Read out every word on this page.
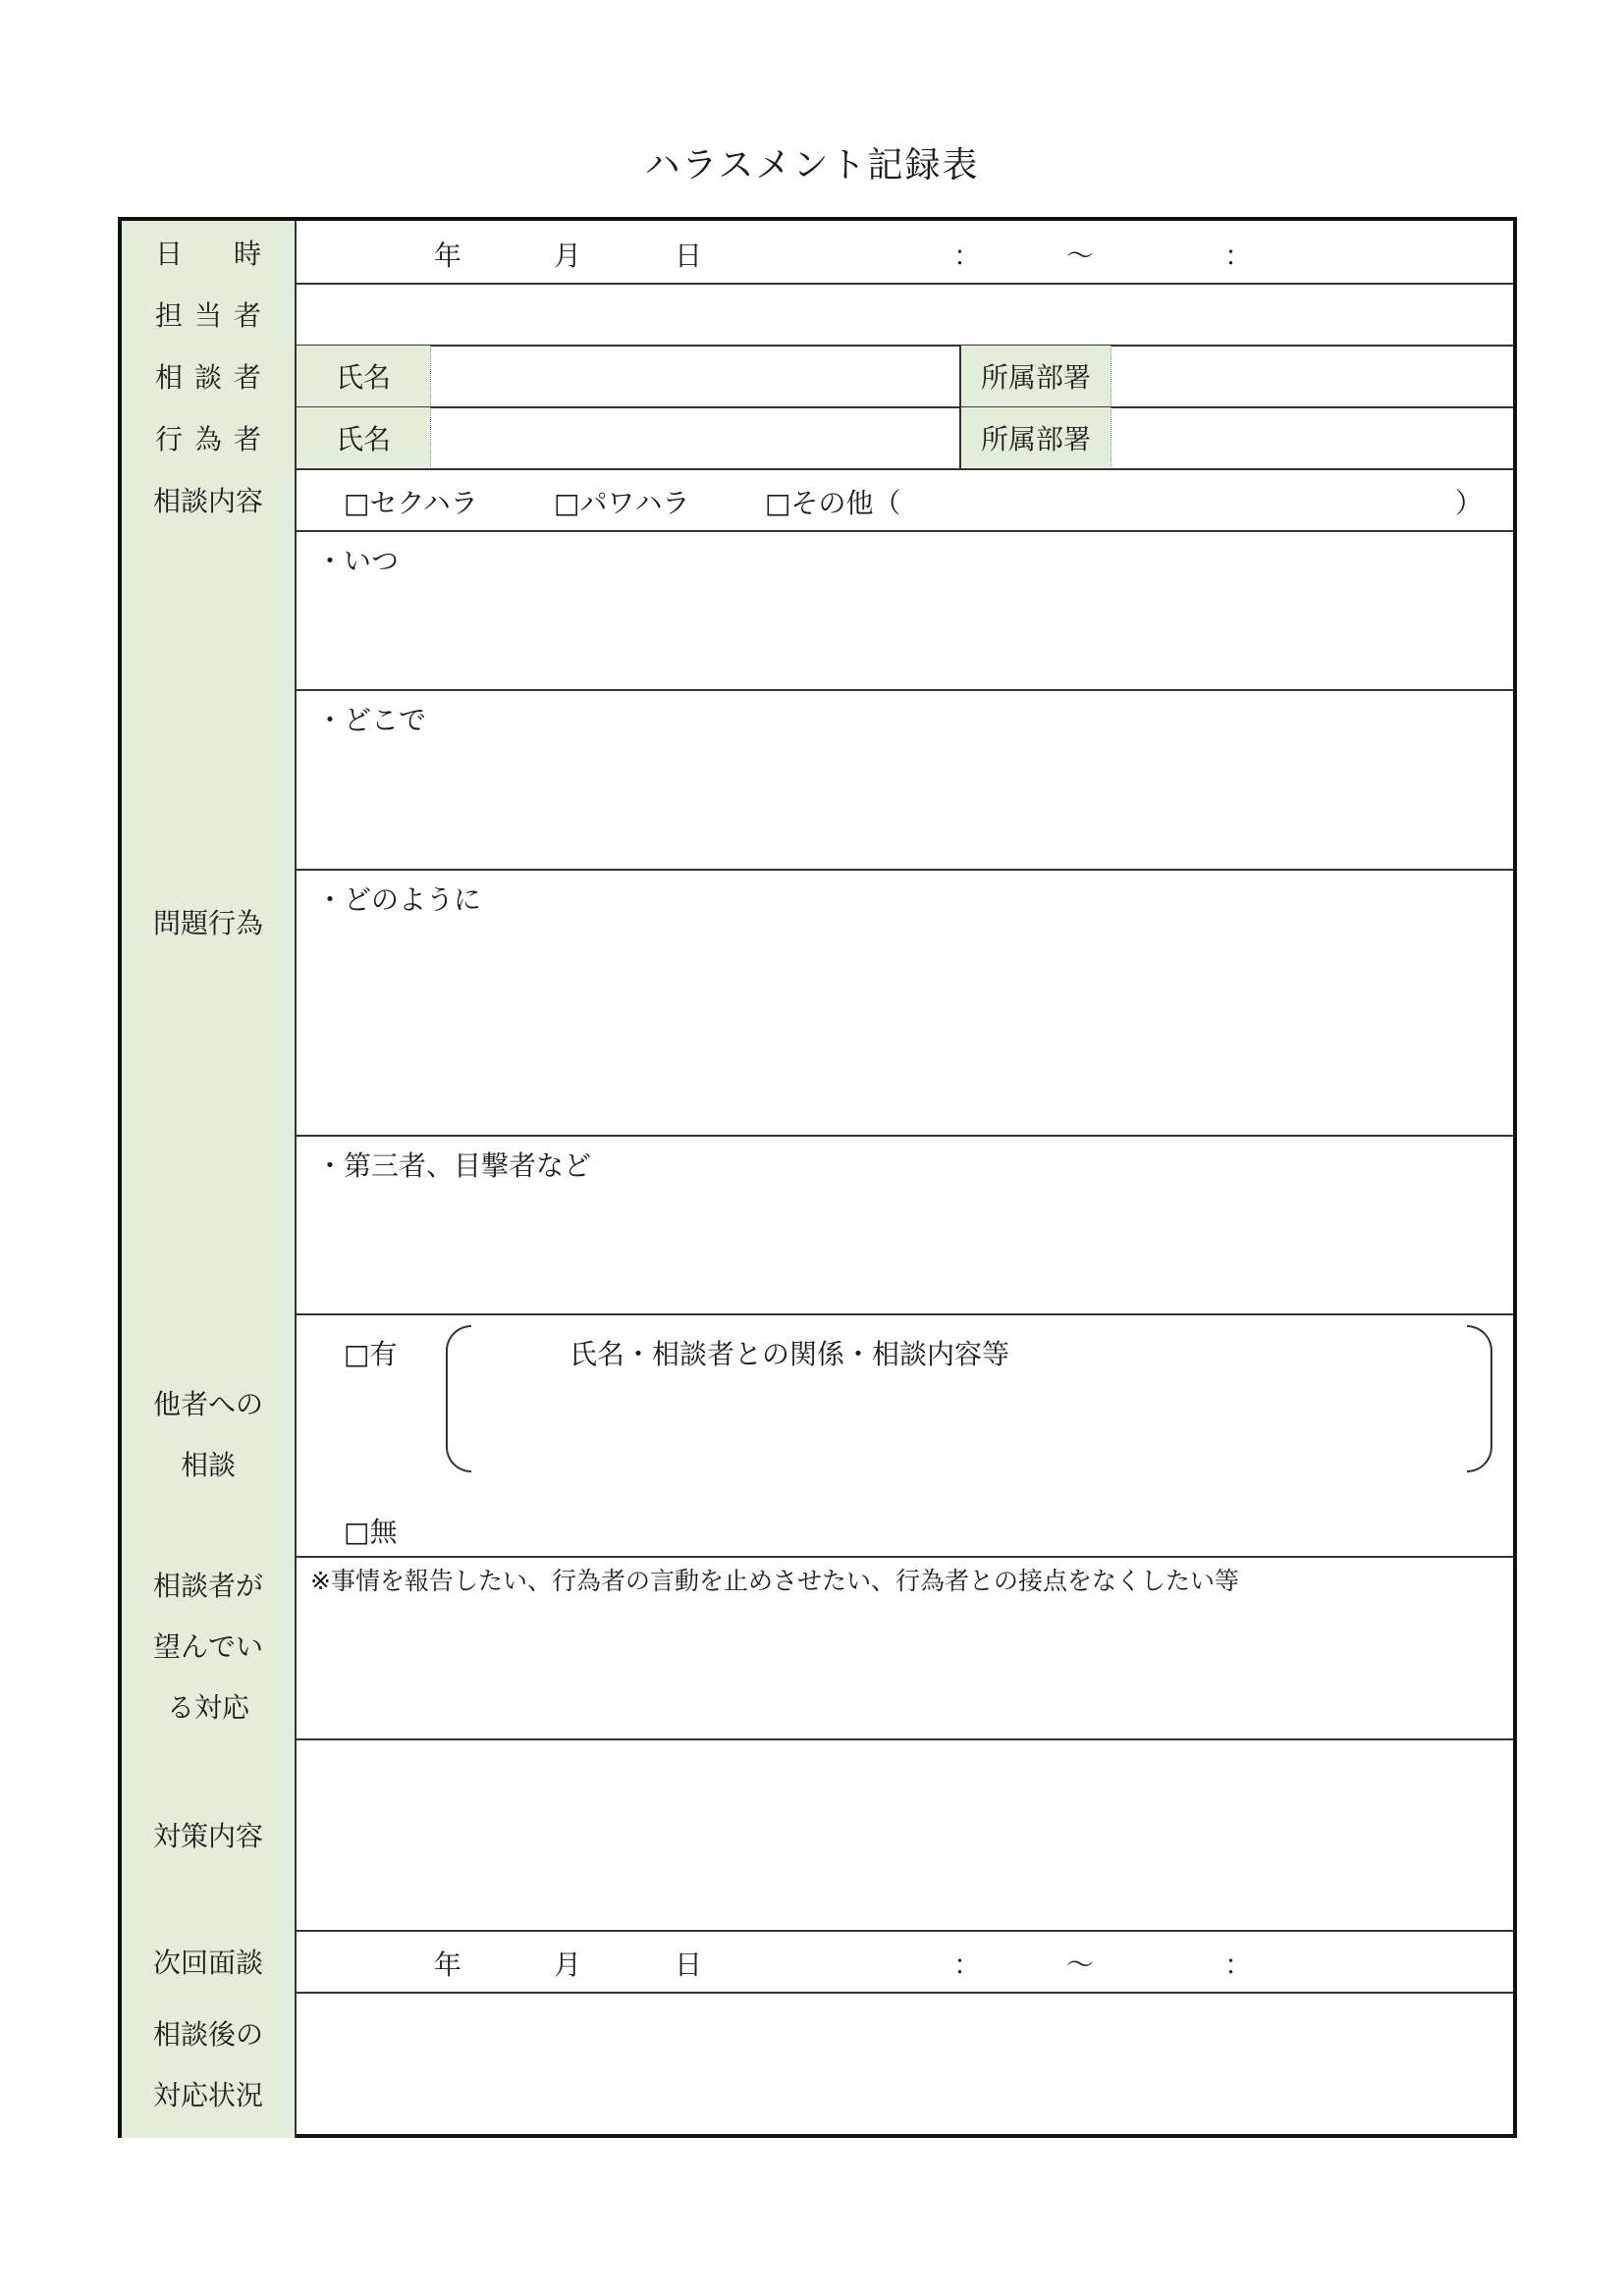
ハラスメント記録表
日　時	年	月	日	：	～	：
担当者
相談者	氏名	所属部署
行為者	氏名	所属部署
相談内容	□セクハラ	□パワハラ	□その他（	）
問題行為
・いつ
・どこで
・どのように
・第三者、目撃者など
他者への
相談
□有	氏名・相談者との関係・相談内容等
□無
相談者が
望んでい
る対応
※事情を報告したい、行為者の言動を止めさせたい、行為者との接点をなくしたい等
対策内容
次回面談	年	月	日	：	～	：
相談後の
対応状況
